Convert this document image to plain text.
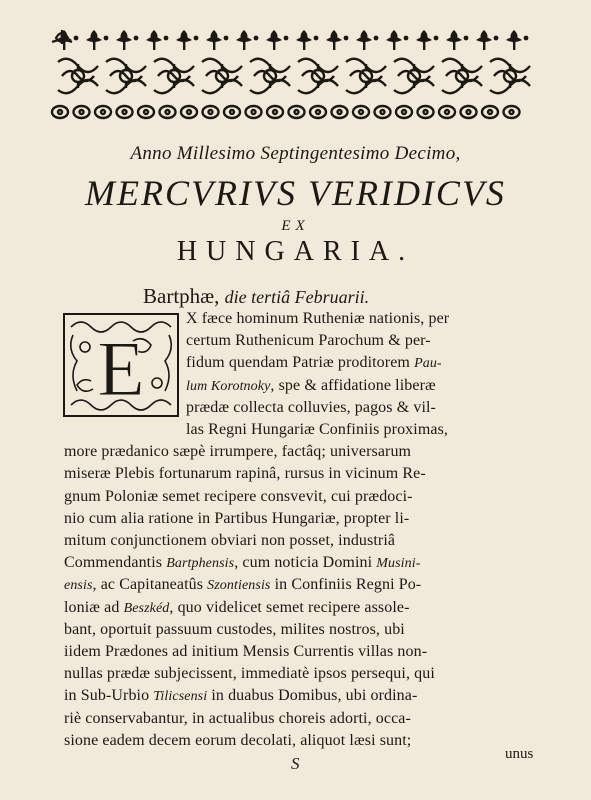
Anno Millesimo Septingentesimo Decimo,
MERCVRIVS VERIDICVS
EX
HUNGARIA.
Bartphæ, die tertiâ Februarii.
E
X fæce hominum Rutheniæ nationis, per
certum Ruthenicum Parochum & per-
fidum quendam Patriæ proditorem Pau-
lum Korotnoky, spe & affidatione liberæ
prædæ collecta colluvies, pagos & vil-
las Regni Hungariæ Confiniis proximas,
more prædanico sæpè irrumpere, factâq; universarum
miseræ Plebis fortunarum rapinâ, rursus in vicinum Re-
gnum Poloniæ semet recipere consvevit, cui prædoci-
nio cum alia ratione in Partibus Hungariæ, propter li-
mitum conjunctionem obviari non posset, industriâ
Commendantis Bartphensis, cum noticia Domini Musini-
ensis, ac Capitaneatûs Szontiensis in Confiniis Regni Po-
loniæ ad Beszkéd, quo videlicet semet recipere assole-
bant, oportuit passuum custodes, milites nostros, ubi
iidem Prædones ad initium Mensis Currentis villas non-
nullas prædæ subjecissent, immediatè ipsos persequi, qui
in Sub-Urbio Tilicsensi in duabus Domibus, ubi ordina-
riè conservabantur, in actualibus choreis adorti, occa-
sione eadem decem eorum decolati, aliquot læsi sunt;
S	unus
